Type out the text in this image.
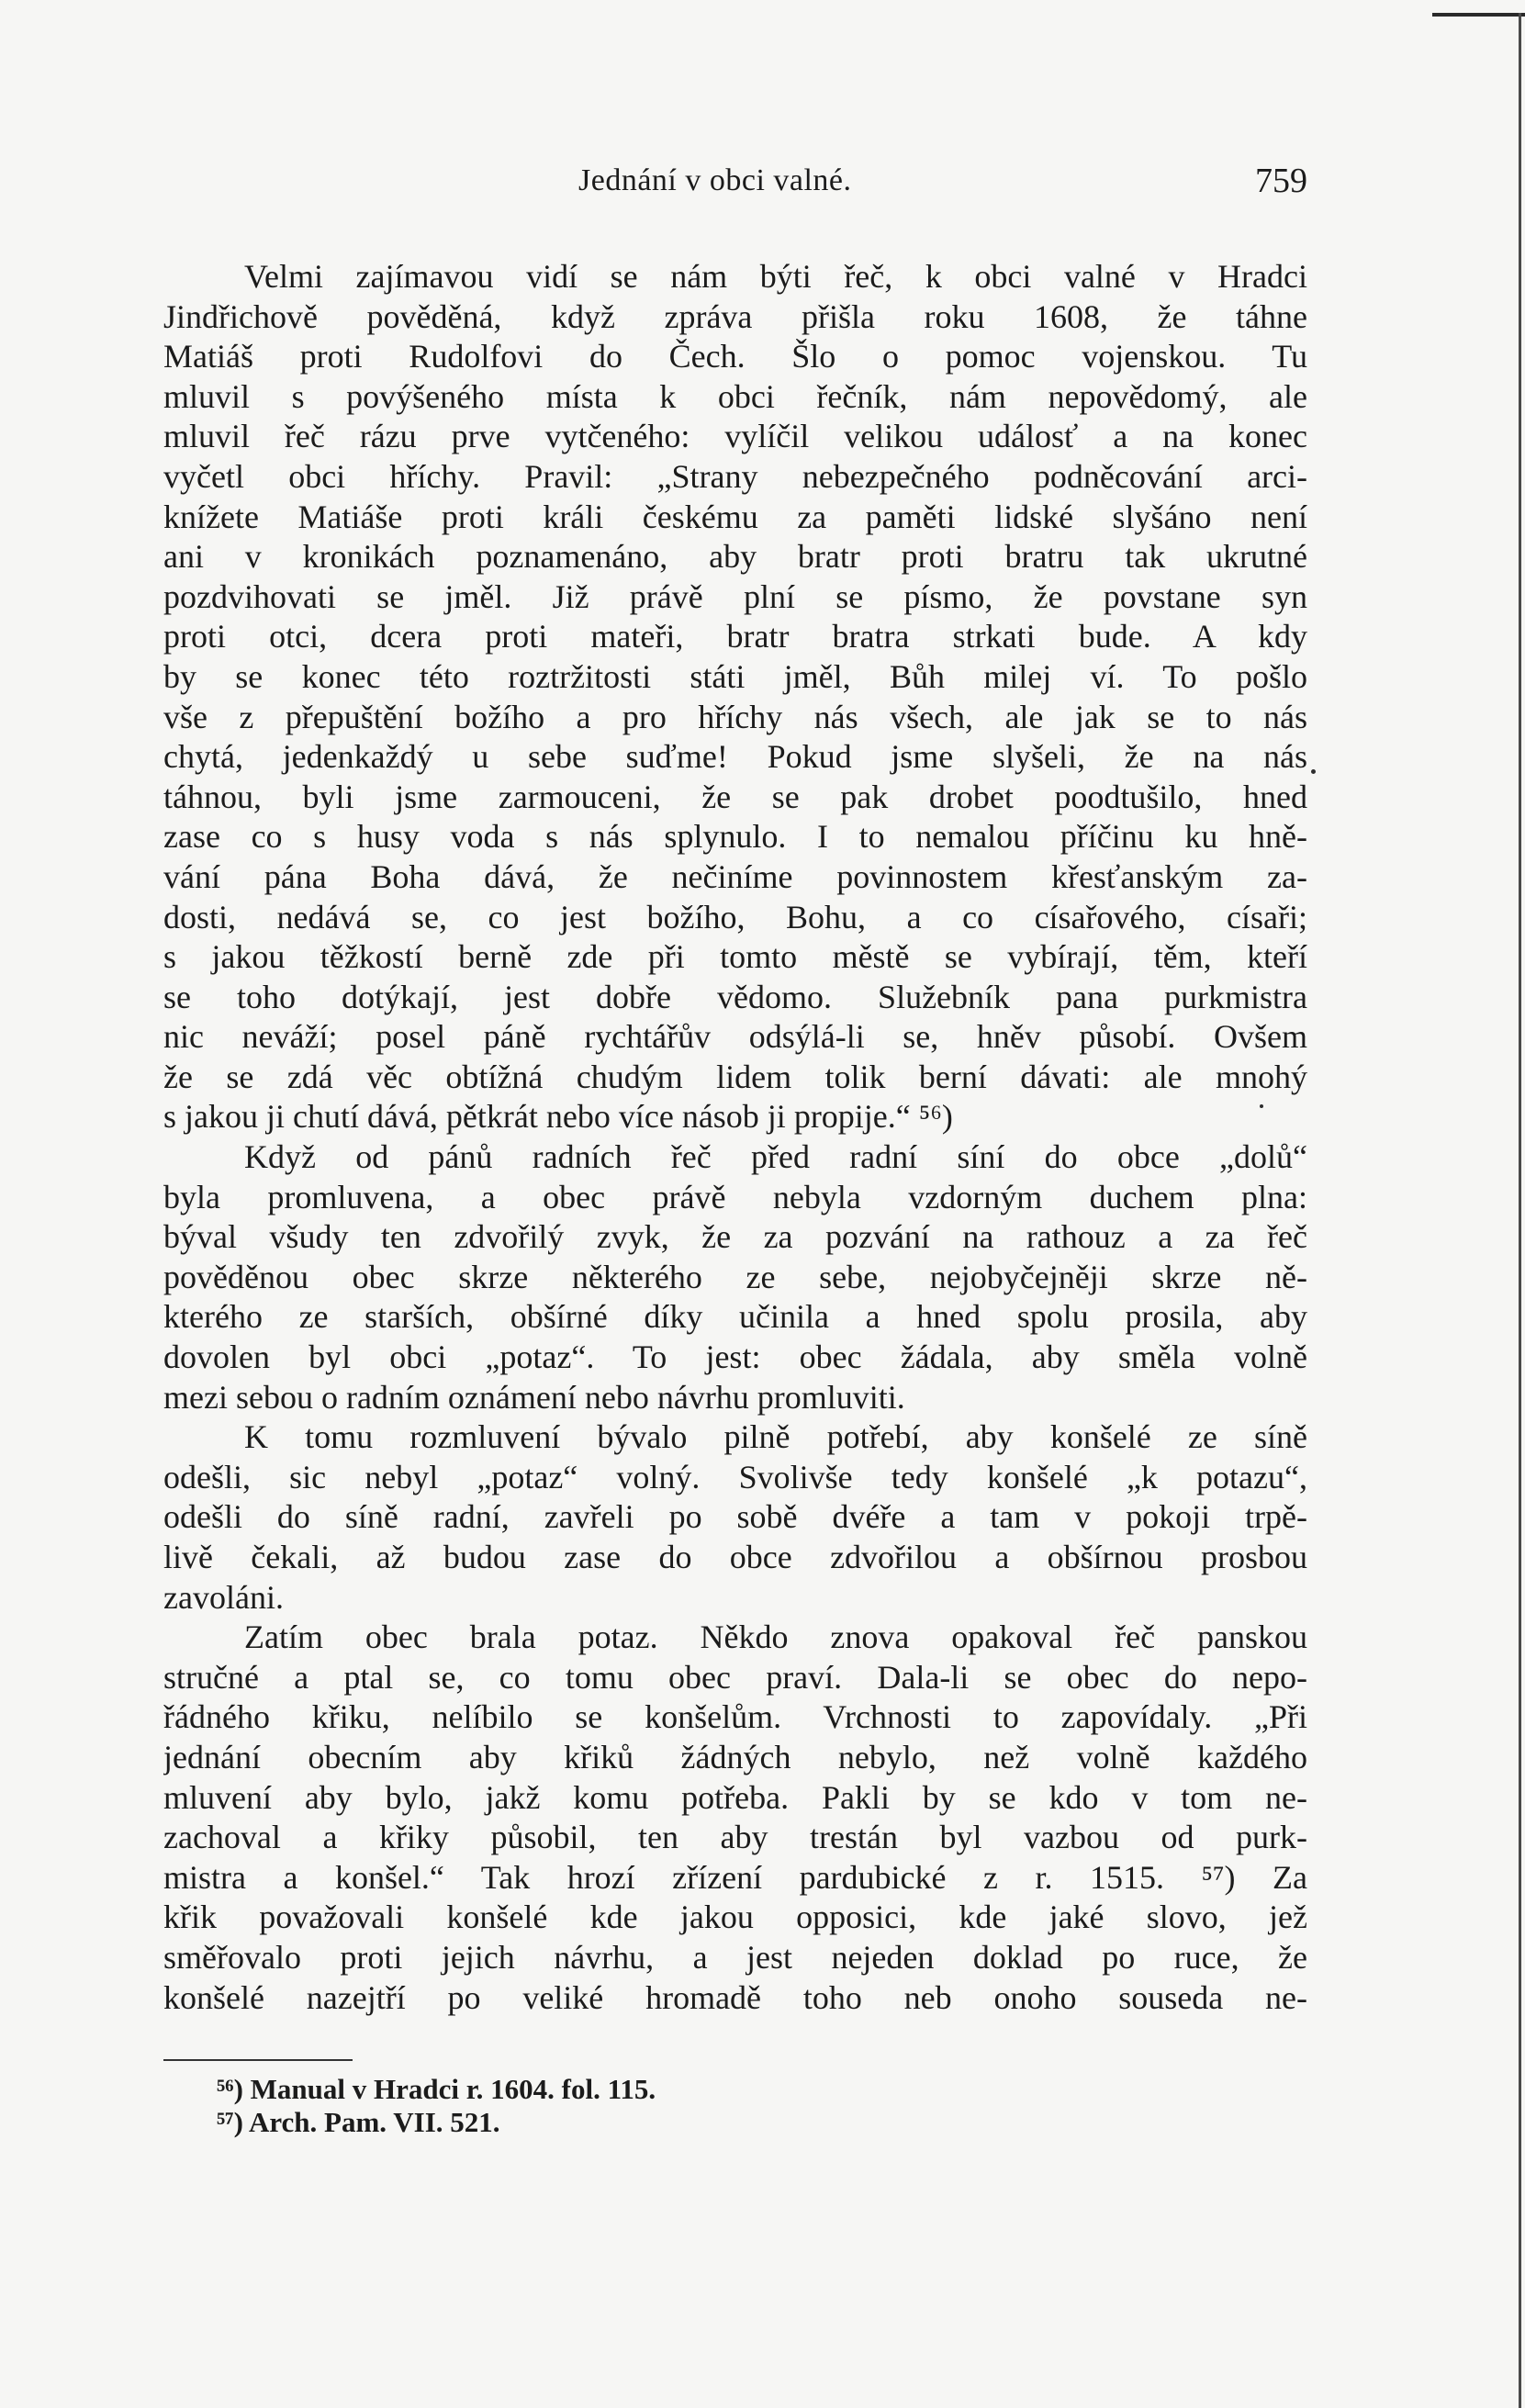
Jednání v obci valné.	759
Velmi zajímavou vidí se nám býti řeč, k obci valné v Hradci
Jindřichově pověděná, když zpráva přišla roku 1608, že táhne
Matiáš proti Rudolfovi do Čech. Šlo o pomoc vojenskou. Tu
mluvil s povýšeného místa k obci řečník, nám nepovědomý, ale
mluvil řeč rázu prve vytčeného: vylíčil velikou událosť a na konec
vyčetl obci hříchy. Pravil: „Strany nebezpečného podněcování arci-
knížete Matiáše proti králi českému za paměti lidské slyšáno není
ani v kronikách poznamenáno, aby bratr proti bratru tak ukrutné
pozdvihovati se jměl. Již právě plní se písmo, že povstane syn
proti otci, dcera proti mateři, bratr bratra strkati bude. A kdy
by se konec této roztržitosti státi jměl, Bůh milej ví. To pošlo
vše z přepuštění božího a pro hříchy nás všech, ale jak se to nás
chytá, jedenkaždý u sebe suďme! Pokud jsme slyšeli, že na nás
táhnou, byli jsme zarmouceni, že se pak drobet poodtušilo, hned
zase co s husy voda s nás splynulo. I to nemalou příčinu ku hně-
vání pána Boha dává, že nečiníme povinnostem křesťanským za-
dosti, nedává se, co jest božího, Bohu, a co císařového, císaři;
s jakou těžkostí berně zde při tomto městě se vybírají, těm, kteří
se toho dotýkají, jest dobře vědomo. Služebník pana purkmistra
nic neváží; posel páně rychtářův odsýlá-li se, hněv působí. Ovšem
že se zdá věc obtížná chudým lidem tolik berní dávati: ale mnohý
s jakou ji chutí dává, pětkrát nebo více násob ji propije.“ ⁵⁶)
Když od pánů radních řeč před radní síní do obce „dolů“
byla promluvena, a obec právě nebyla vzdorným duchem plna:
býval všudy ten zdvořilý zvyk, že za pozvání na rathouz a za řeč
pověděnou obec skrze některého ze sebe, nejobyčejněji skrze ně-
kterého ze starších, obšírné díky učinila a hned spolu prosila, aby
dovolen byl obci „potaz“. To jest: obec žádala, aby směla volně
mezi sebou o radním oznámení nebo návrhu promluviti.
K tomu rozmluvení bývalo pilně potřebí, aby konšelé ze síně
odešli, sic nebyl „potaz“ volný. Svolivše tedy konšelé „k potazu“,
odešli do síně radní, zavřeli po sobě dvéře a tam v pokoji trpě-
livě čekali, až budou zase do obce zdvořilou a obšírnou prosbou
zavoláni.
Zatím obec brala potaz. Někdo znova opakoval řeč panskou
stručné a ptal se, co tomu obec praví. Dala-li se obec do nepo-
řádného křiku, nelíbilo se konšelům. Vrchnosti to zapovídaly. „Při
jednání obecním aby křiků žádných nebylo, než volně každého
mluvení aby bylo, jakž komu potřeba. Pakli by se kdo v tom ne-
zachoval a křiky působil, ten aby trestán byl vazbou od purk-
mistra a konšel.“ Tak hrozí zřízení pardubické z r. 1515. ⁵⁷) Za
křik považovali konšelé kde jakou opposici, kde jaké slovo, jež
směřovalo proti jejich návrhu, a jest nejeden doklad po ruce, že
konšelé nazejtří po veliké hromadě toho neb onoho souseda ne-
⁵⁶) Manual v Hradci r. 1604. fol. 115.
⁵⁷) Arch. Pam. VII. 521.
